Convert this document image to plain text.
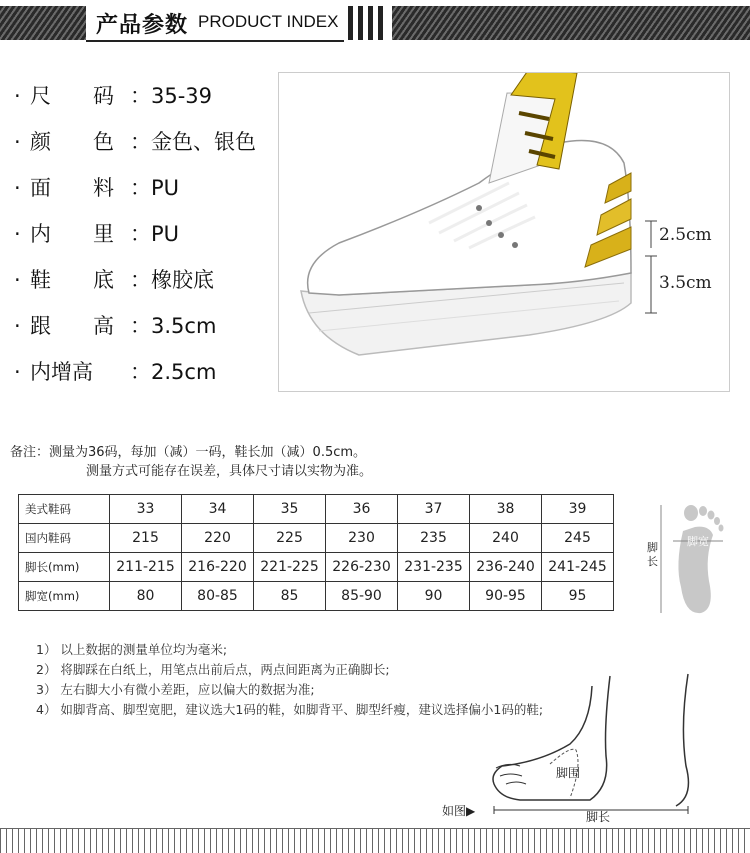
产品参数 PRODUCT INDEX
· 尺　　码 ：35-39
· 颜　　色 ：金色、银色
· 面　　料 ：PU
· 内　　里 ：PU
· 鞋　　底 ：橡胶底
· 跟　　高 ：3.5cm
· 内增高 ：2.5cm
2.5cm
3.5cm
备注：测量为36码，每加（减）一码，鞋长加（减）0.5cm。
测量方式可能存在误差，具体尺寸请以实物为准。
美式鞋码	33	34	35	36	37	38	39
国内鞋码	215	220	225	230	235	240	245
脚长(mm)	211-215	216-220	221-225	226-230	231-235	236-240	241-245
脚宽(mm)	80	80-85	85	85-90	90	90-95	95
脚长
脚宽
1） 以上数据的测量单位均为毫米;
2） 将脚踩在白纸上，用笔点出前后点，两点间距离为正确脚长;
3） 左右脚大小有微小差距，应以偏大的数据为准;
4） 如脚背高、脚型宽肥，建议选大1码的鞋，如脚背平、脚型纤瘦，建议选择偏小1码的鞋;
脚围
脚长
如图▶
